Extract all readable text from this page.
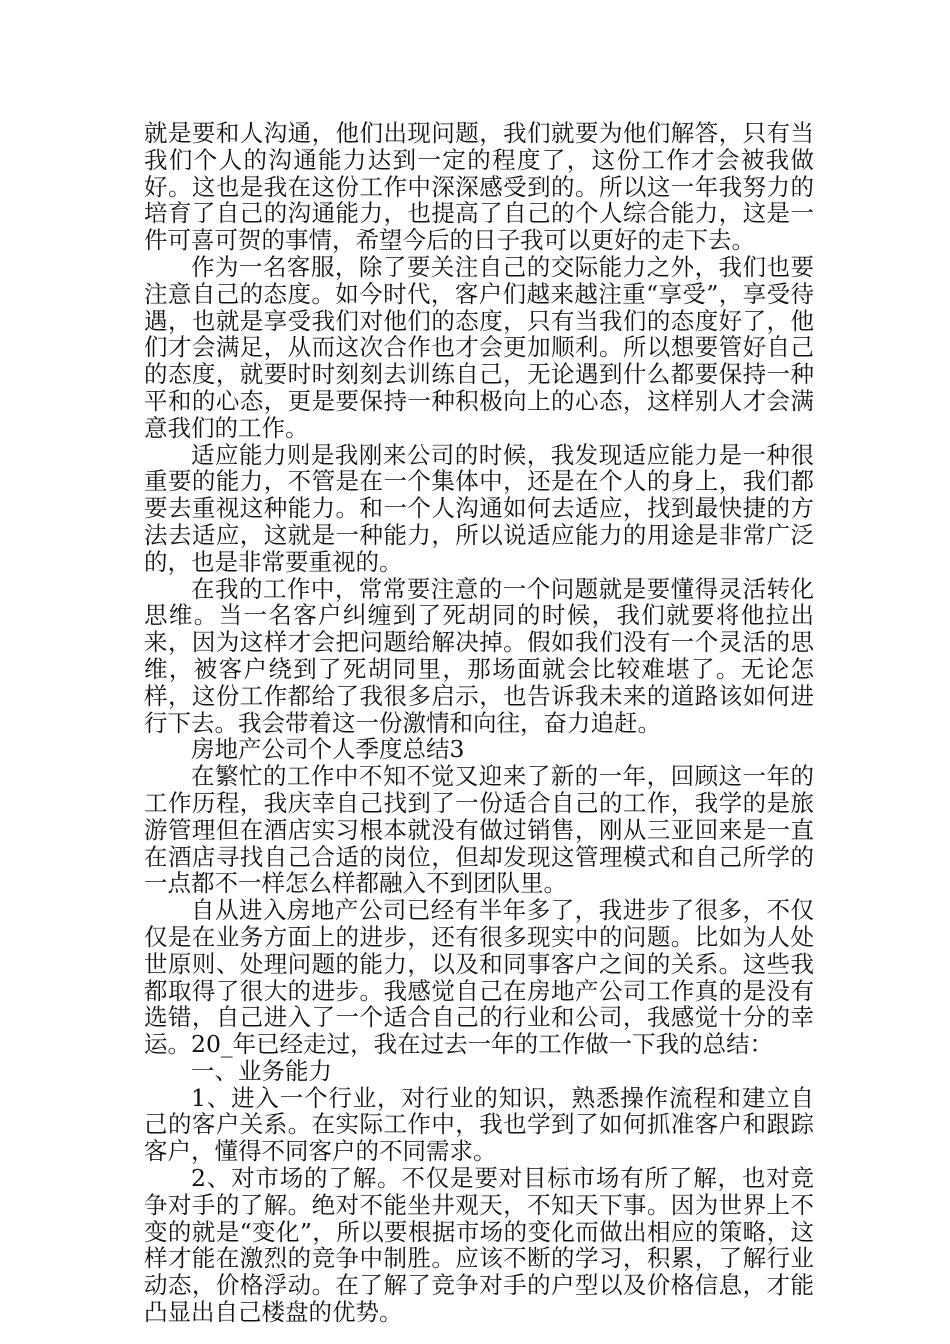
就是要和人沟通，他们出现问题，我们就要为他们解答，只有当我们个人的沟通能力达到一定的程度了，这份工作才会被我做好。这也是我在这份工作中深深感受到的。所以这一年我努力的培育了自己的沟通能力，也提高了自己的个人综合能力，这是一件可喜可贺的事情，希望今后的日子我可以更好的走下去。

作为一名客服，除了要关注自己的交际能力之外，我们也要注意自己的态度。如今时代，客户们越来越注重“享受”，享受待遇，也就是享受我们对他们的态度，只有当我们的态度好了，他们才会满足，从而这次合作也才会更加顺利。所以想要管好自己的态度，就要时时刻刻去训练自己，无论遇到什么都要保持一种平和的心态，更是要保持一种积极向上的心态，这样别人才会满意我们的工作。

适应能力则是我刚来公司的时候，我发现适应能力是一种很重要的能力，不管是在一个集体中，还是在个人的身上，我们都要去重视这种能力。和一个人沟通如何去适应，找到最快捷的方法去适应，这就是一种能力，所以说适应能力的用途是非常广泛的，也是非常要重视的。

在我的工作中，常常要注意的一个问题就是要懂得灵活转化思维。当一名客户纠缠到了死胡同的时候，我们就要将他拉出来，因为这样才会把问题给解决掉。假如我们没有一个灵活的思维，被客户绕到了死胡同里，那场面就会比较难堪了。无论怎样，这份工作都给了我很多启示，也告诉我未来的道路该如何进行下去。我会带着这一份激情和向往，奋力追赶。

房地产公司个人季度总结3

在繁忙的工作中不知不觉又迎来了新的一年，回顾这一年的工作历程，我庆幸自己找到了一份适合自己的工作，我学的是旅游管理但在酒店实习根本就没有做过销售，刚从三亚回来是一直在酒店寻找自己合适的岗位，但却发现这管理模式和自己所学的一点都不一样怎么样都融入不到团队里。

自从进入房地产公司已经有半年多了，我进步了很多，不仅仅是在业务方面上的进步，还有很多现实中的问题。比如为人处世原则、处理问题的能力，以及和同事客户之间的关系。这些我都取得了很大的进步。我感觉自己在房地产公司工作真的是没有选错，自己进入了一个适合自己的行业和公司，我感觉十分的幸运。20_年已经走过，我在过去一年的工作做一下我的总结：

一、业务能力

1、进入一个行业，对行业的知识，熟悉操作流程和建立自己的客户关系。在实际工作中，我也学到了如何抓准客户和跟踪客户，懂得不同客户的不同需求。

2、对市场的了解。不仅是要对目标市场有所了解，也对竞争对手的了解。绝对不能坐井观天，不知天下事。因为世界上不变的就是“变化”，所以要根据市场的变化而做出相应的策略，这样才能在激烈的竞争中制胜。应该不断的学习，积累，了解行业动态，价格浮动。在了解了竞争对手的户型以及价格信息，才能凸显出自己楼盘的优势。
